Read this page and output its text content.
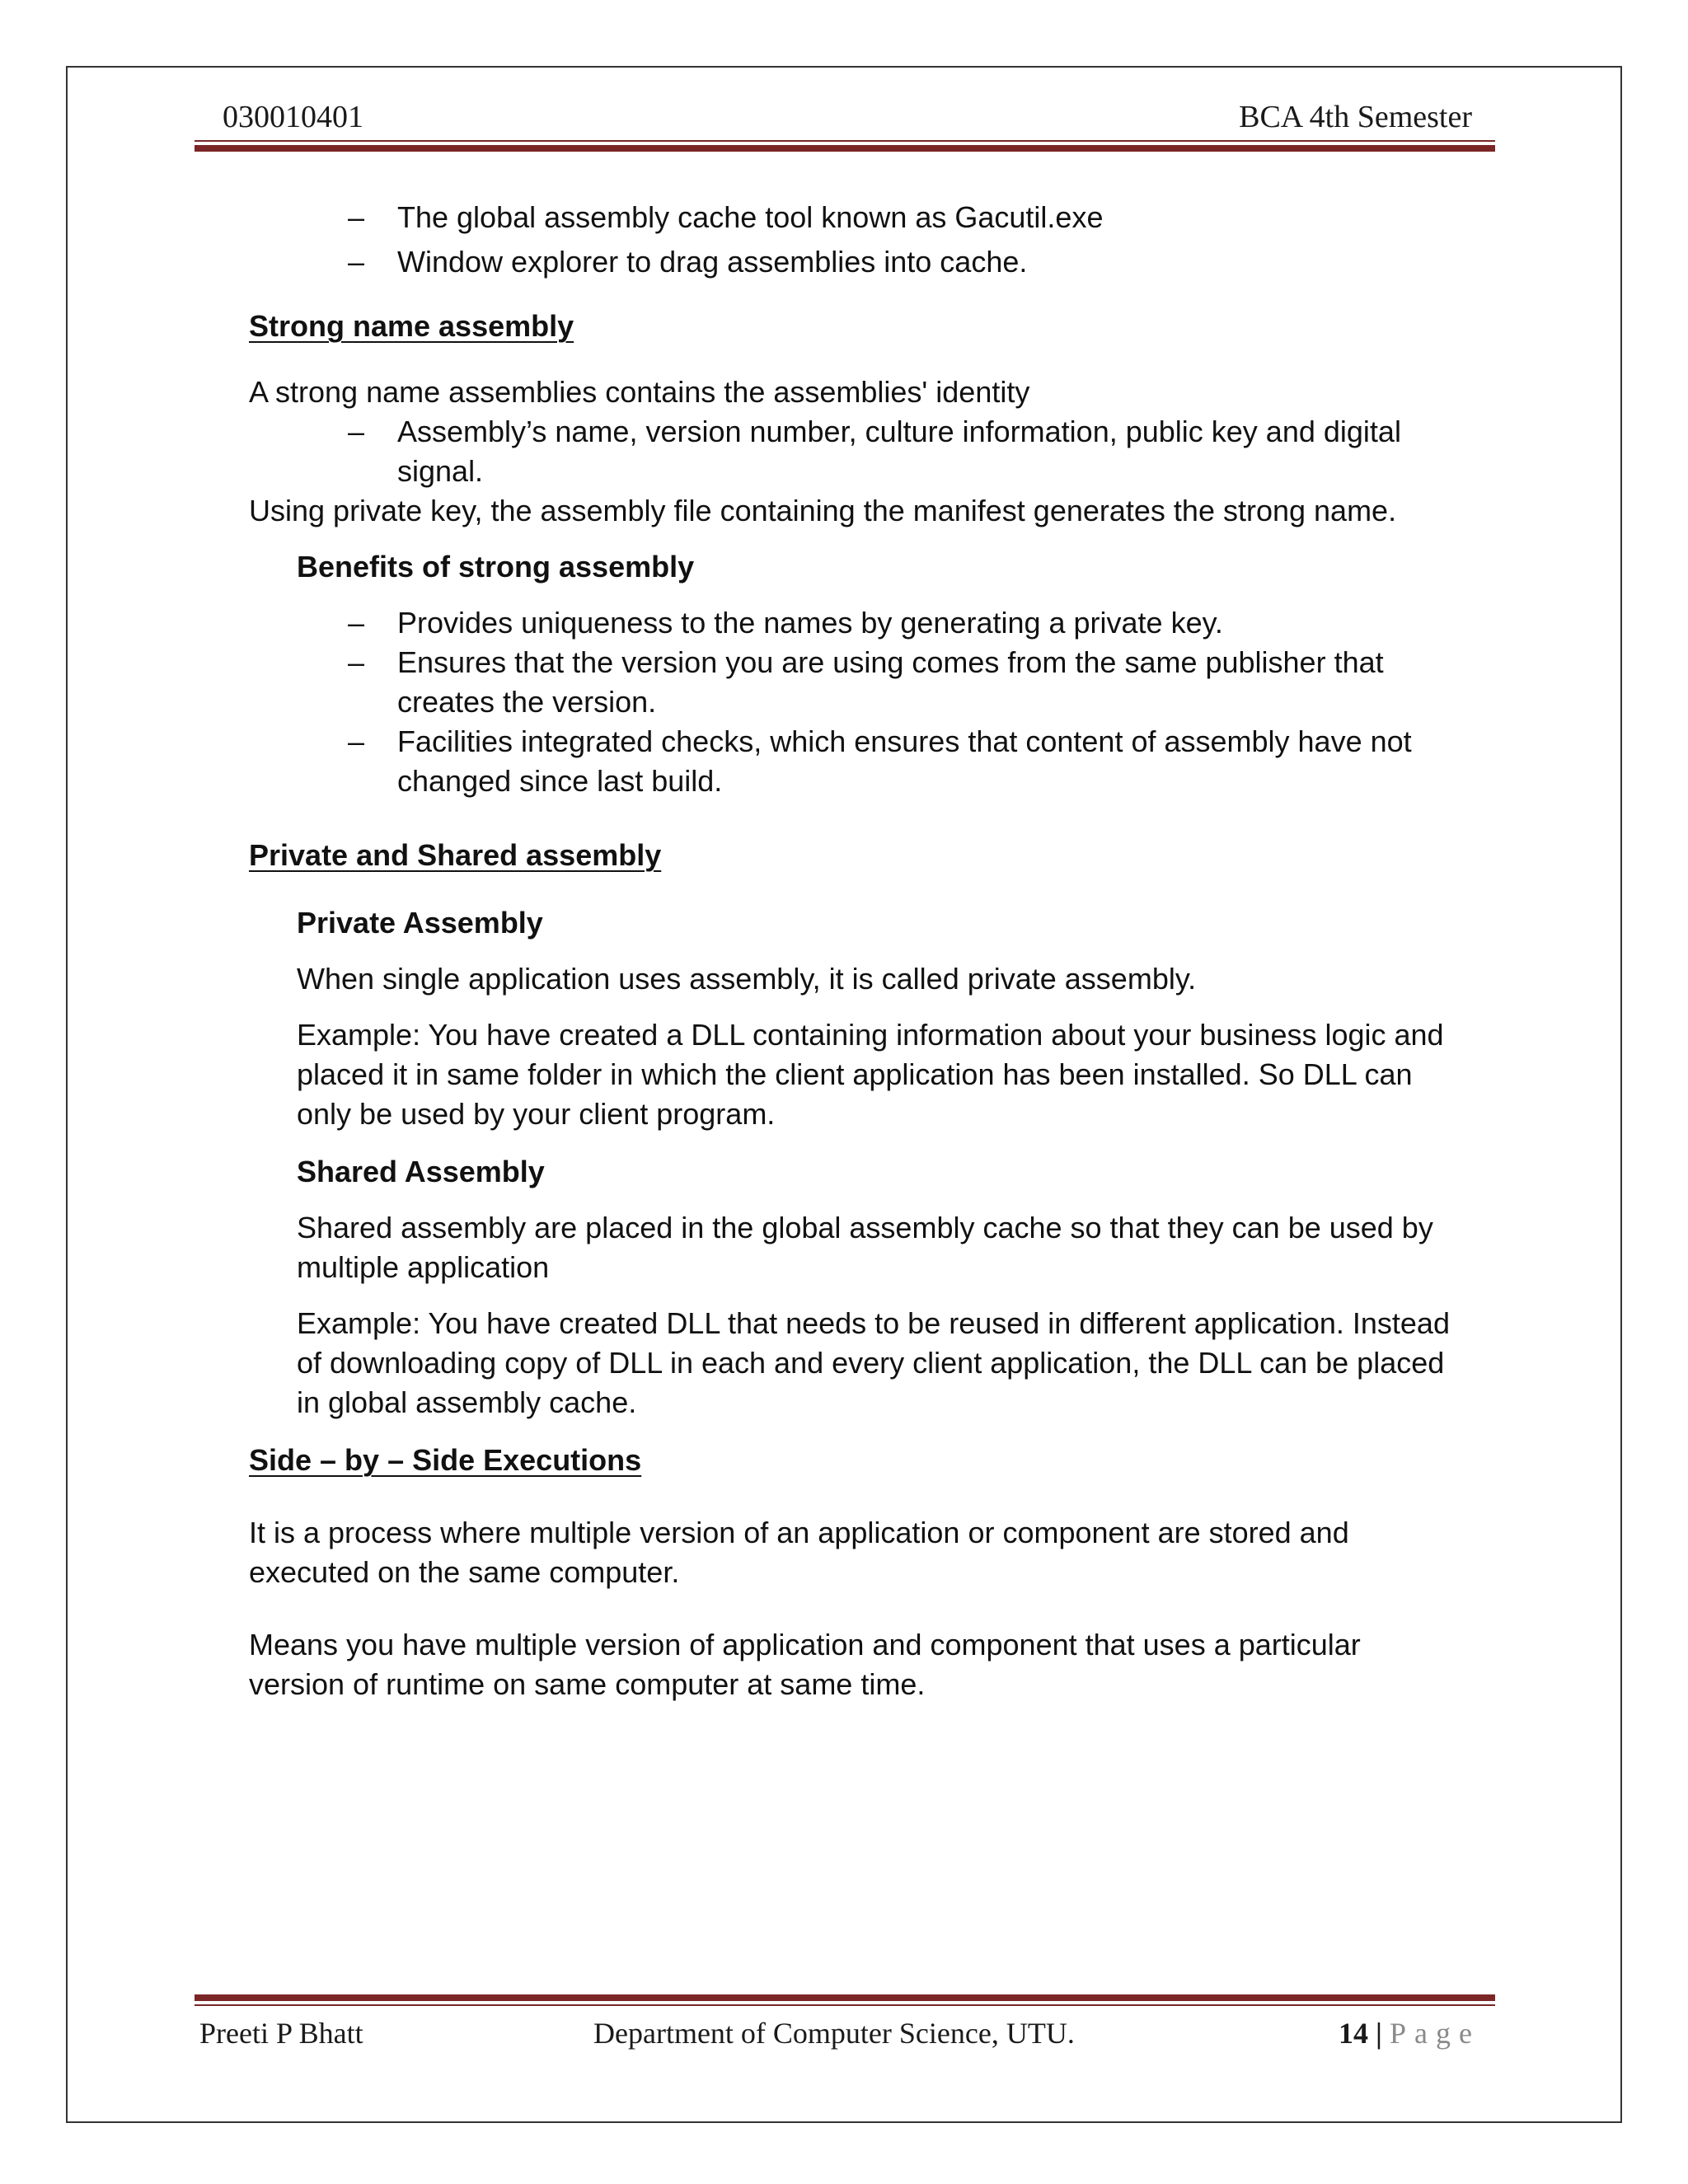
030010401	BCA 4th Semester
– The global assembly cache tool known as Gacutil.exe
– Window explorer to drag assemblies into cache.
Strong name assembly
A strong name assemblies contains the assemblies' identity
– Assembly’s name, version number, culture information, public key and digital
signal.
Using private key, the assembly file containing the manifest generates the strong name.
Benefits of strong assembly
– Provides uniqueness to the names by generating a private key.
– Ensures that the version you are using comes from the same publisher that
creates the version.
– Facilities integrated checks, which ensures that content of assembly have not
changed since last build.
Private and Shared assembly
Private Assembly
When single application uses assembly, it is called private assembly.
Example: You have created a DLL containing information about your business logic and
placed it in same folder in which the client application has been installed. So DLL can
only be used by your client program.
Shared Assembly
Shared assembly are placed in the global assembly cache so that they can be used by
multiple application
Example: You have created DLL that needs to be reused in different application. Instead
of downloading copy of DLL in each and every client application, the DLL can be placed
in global assembly cache.
Side – by – Side Executions
It is a process where multiple version of an application or component are stored and
executed on the same computer.
Means you have multiple version of application and component that uses a particular
version of runtime on same computer at same time.
Preeti P Bhatt	Department of Computer Science, UTU.	14 | Page
